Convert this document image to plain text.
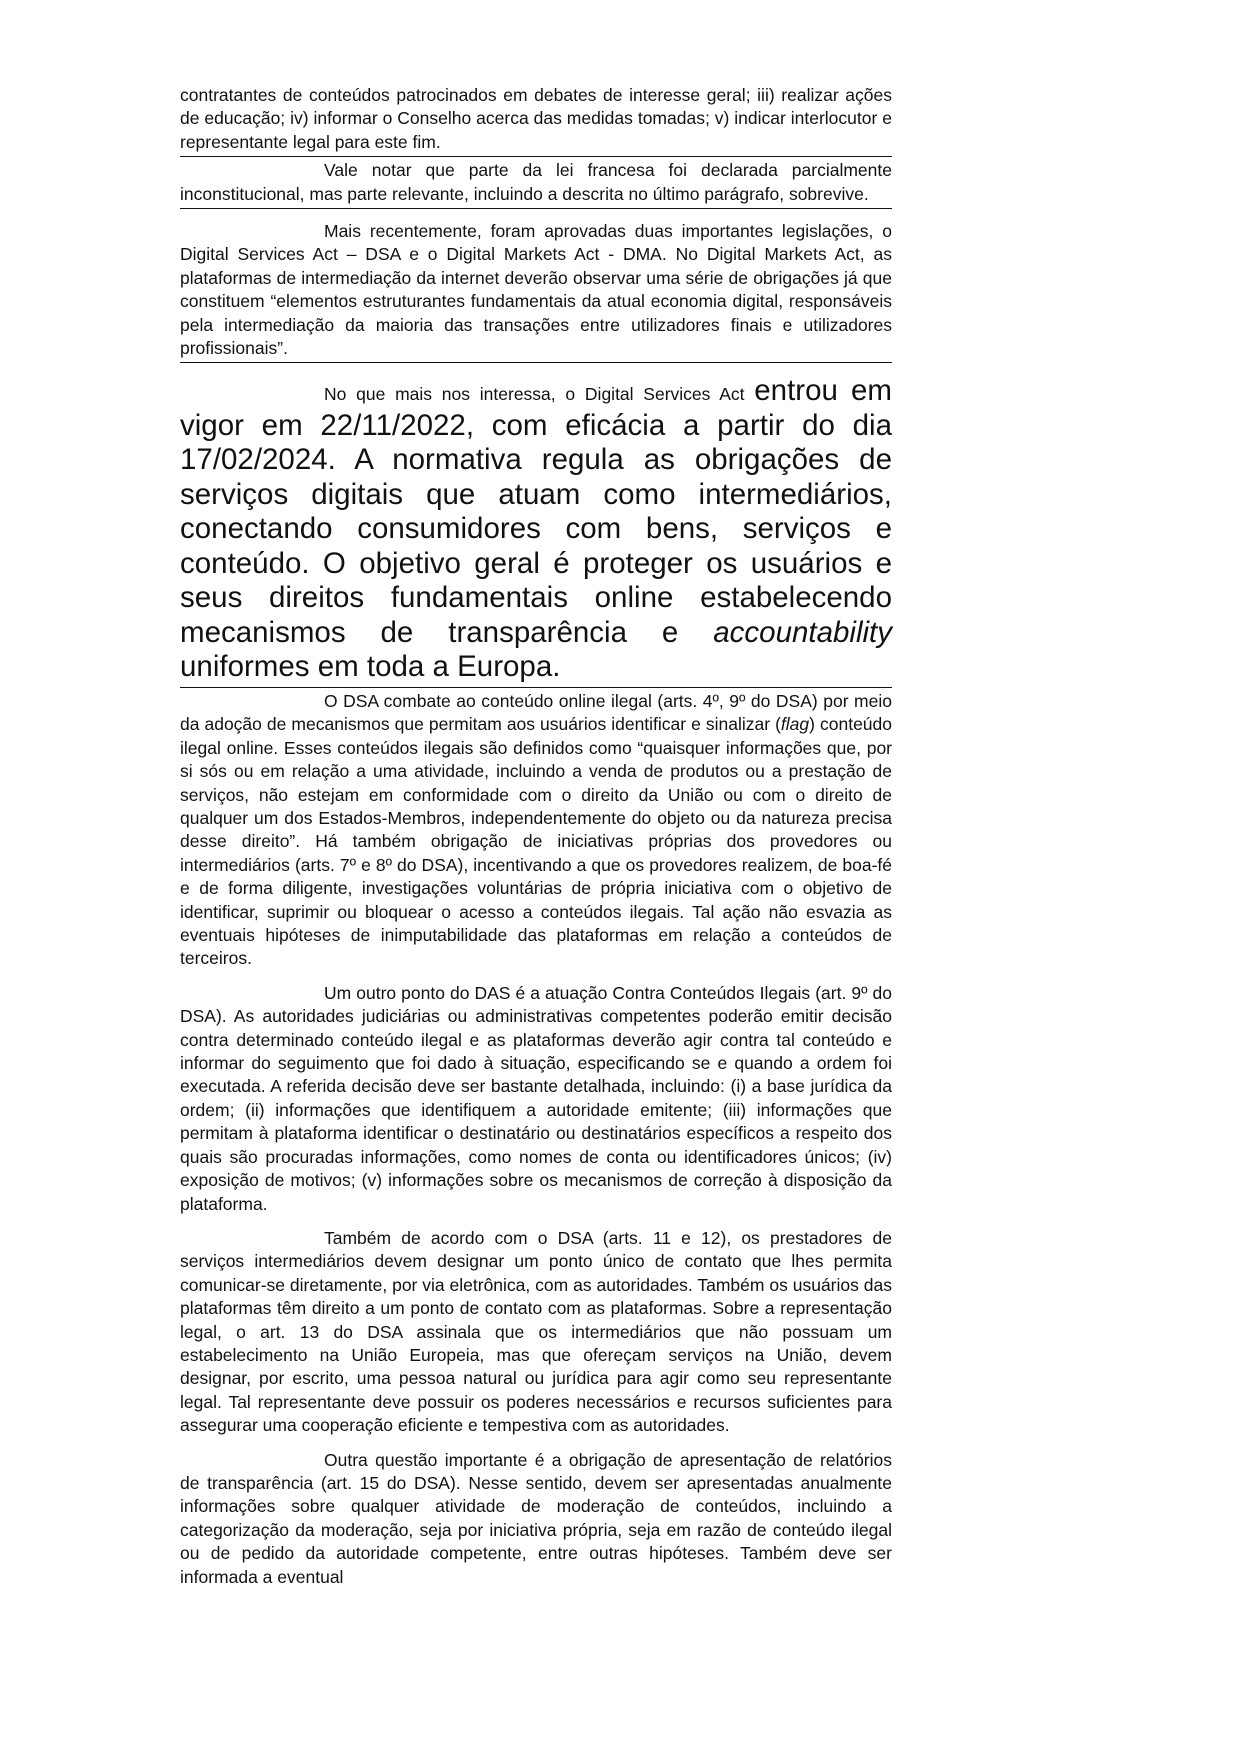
contratantes de conteúdos patrocinados em debates de interesse geral; iii) realizar ações de educação; iv) informar o Conselho acerca das medidas tomadas; v) indicar interlocutor e representante legal para este fim.

Vale notar que parte da lei francesa foi declarada parcialmente inconstitucional, mas parte relevante, incluindo a descrita no último parágrafo, sobrevive.

Mais recentemente, foram aprovadas duas importantes legislações, o Digital Services Act – DSA e o Digital Markets Act - DMA. No Digital Markets Act, as plataformas de intermediação da internet deverão observar uma série de obrigações já que constituem “elementos estruturantes fundamentais da atual economia digital, responsáveis pela intermediação da maioria das transações entre utilizadores finais e utilizadores profissionais”.

No que mais nos interessa, o Digital Services Act entrou em vigor em 22/11/2022, com eficácia a partir do dia 17/02/2024. A normativa regula as obrigações de serviços digitais que atuam como intermediários, conectando consumidores com bens, serviços e conteúdo. O objetivo geral é proteger os usuários e seus direitos fundamentais online estabelecendo mecanismos de transparência e accountability uniformes em toda a Europa.

O DSA combate ao conteúdo online ilegal (arts. 4º, 9º do DSA) por meio da adoção de mecanismos que permitam aos usuários identificar e sinalizar (flag) conteúdo ilegal online. Esses conteúdos ilegais são definidos como “quaisquer informações que, por si sós ou em relação a uma atividade, incluindo a venda de produtos ou a prestação de serviços, não estejam em conformidade com o direito da União ou com o direito de qualquer um dos Estados-Membros, independentemente do objeto ou da natureza precisa desse direito”. Há também obrigação de iniciativas próprias dos provedores ou intermediários (arts. 7º e 8º do DSA), incentivando a que os provedores realizem, de boa-fé e de forma diligente, investigações voluntárias de própria iniciativa com o objetivo de identificar, suprimir ou bloquear o acesso a conteúdos ilegais. Tal ação não esvazia as eventuais hipóteses de inimputabilidade das plataformas em relação a conteúdos de terceiros.

Um outro ponto do DAS é a atuação Contra Conteúdos Ilegais (art. 9º do DSA). As autoridades judiciárias ou administrativas competentes poderão emitir decisão contra determinado conteúdo ilegal e as plataformas deverão agir contra tal conteúdo e informar do seguimento que foi dado à situação, especificando se e quando a ordem foi executada. A referida decisão deve ser bastante detalhada, incluindo: (i) a base jurídica da ordem; (ii) informações que identifiquem a autoridade emitente; (iii) informações que permitam à plataforma identificar o destinatário ou destinatários específicos a respeito dos quais são procuradas informações, como nomes de conta ou identificadores únicos; (iv) exposição de motivos; (v) informações sobre os mecanismos de correção à disposição da plataforma.

Também de acordo com o DSA (arts. 11 e 12), os prestadores de serviços intermediários devem designar um ponto único de contato que lhes permita comunicar-se diretamente, por via eletrônica, com as autoridades. Também os usuários das plataformas têm direito a um ponto de contato com as plataformas. Sobre a representação legal, o art. 13 do DSA assinala que os intermediários que não possuam um estabelecimento na União Europeia, mas que ofereçam serviços na União, devem designar, por escrito, uma pessoa natural ou jurídica para agir como seu representante legal. Tal representante deve possuir os poderes necessários e recursos suficientes para assegurar uma cooperação eficiente e tempestiva com as autoridades.

Outra questão importante é a obrigação de apresentação de relatórios de transparência (art. 15 do DSA). Nesse sentido, devem ser apresentadas anualmente informações sobre qualquer atividade de moderação de conteúdos, incluindo a categorização da moderação, seja por iniciativa própria, seja em razão de conteúdo ilegal ou de pedido da autoridade competente, entre outras hipóteses. Também deve ser informada a eventual
